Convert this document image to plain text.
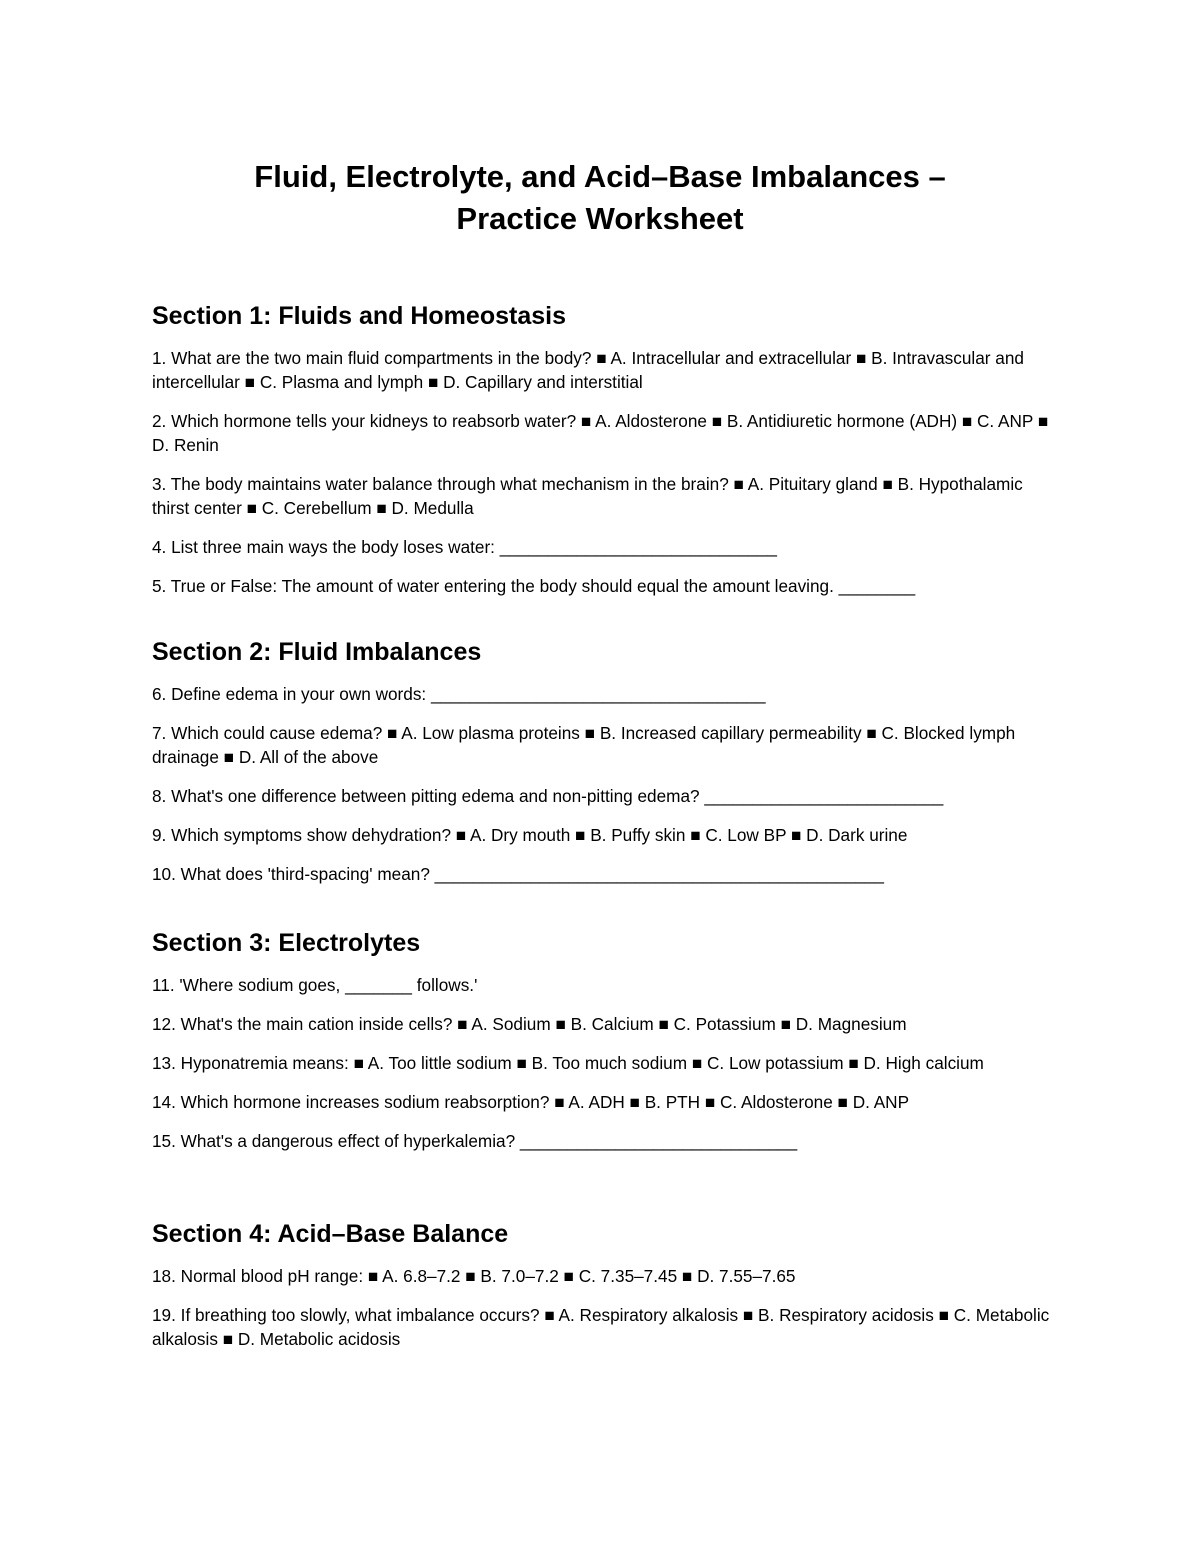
Fluid, Electrolyte, and Acid–Base Imbalances –
Practice Worksheet
Section 1: Fluids and Homeostasis

1. What are the two main fluid compartments in the body? ■ A. Intracellular and extracellular ■ B. Intravascular and intercellular ■ C. Plasma and lymph ■ D. Capillary and interstitial

2. Which hormone tells your kidneys to reabsorb water? ■ A. Aldosterone ■ B. Antidiuretic hormone (ADH) ■ C. ANP ■ D. Renin

3. The body maintains water balance through what mechanism in the brain? ■ A. Pituitary gland ■ B. Hypothalamic thirst center ■ C. Cerebellum ■ D. Medulla

4. List three main ways the body loses water: _____________________________

5. True or False: The amount of water entering the body should equal the amount leaving. ________

Section 2: Fluid Imbalances

6. Define edema in your own words: ___________________________________

7. Which could cause edema? ■ A. Low plasma proteins ■ B. Increased capillary permeability ■ C. Blocked lymph drainage ■ D. All of the above

8. What's one difference between pitting edema and non-pitting edema? _________________________

9. Which symptoms show dehydration? ■ A. Dry mouth ■ B. Puffy skin ■ C. Low BP ■ D. Dark urine

10. What does 'third-spacing' mean? _______________________________________________

Section 3: Electrolytes

11. 'Where sodium goes, _______ follows.'

12. What's the main cation inside cells? ■ A. Sodium ■ B. Calcium ■ C. Potassium ■ D. Magnesium

13. Hyponatremia means: ■ A. Too little sodium ■ B. Too much sodium ■ C. Low potassium ■ D. High calcium

14. Which hormone increases sodium reabsorption? ■ A. ADH ■ B. PTH ■ C. Aldosterone ■ D. ANP

15. What's a dangerous effect of hyperkalemia? _____________________________

Section 4: Acid–Base Balance

18. Normal blood pH range: ■ A. 6.8–7.2 ■ B. 7.0–7.2 ■ C. 7.35–7.45 ■ D. 7.55–7.65

19. If breathing too slowly, what imbalance occurs? ■ A. Respiratory alkalosis ■ B. Respiratory acidosis ■ C. Metabolic alkalosis ■ D. Metabolic acidosis
